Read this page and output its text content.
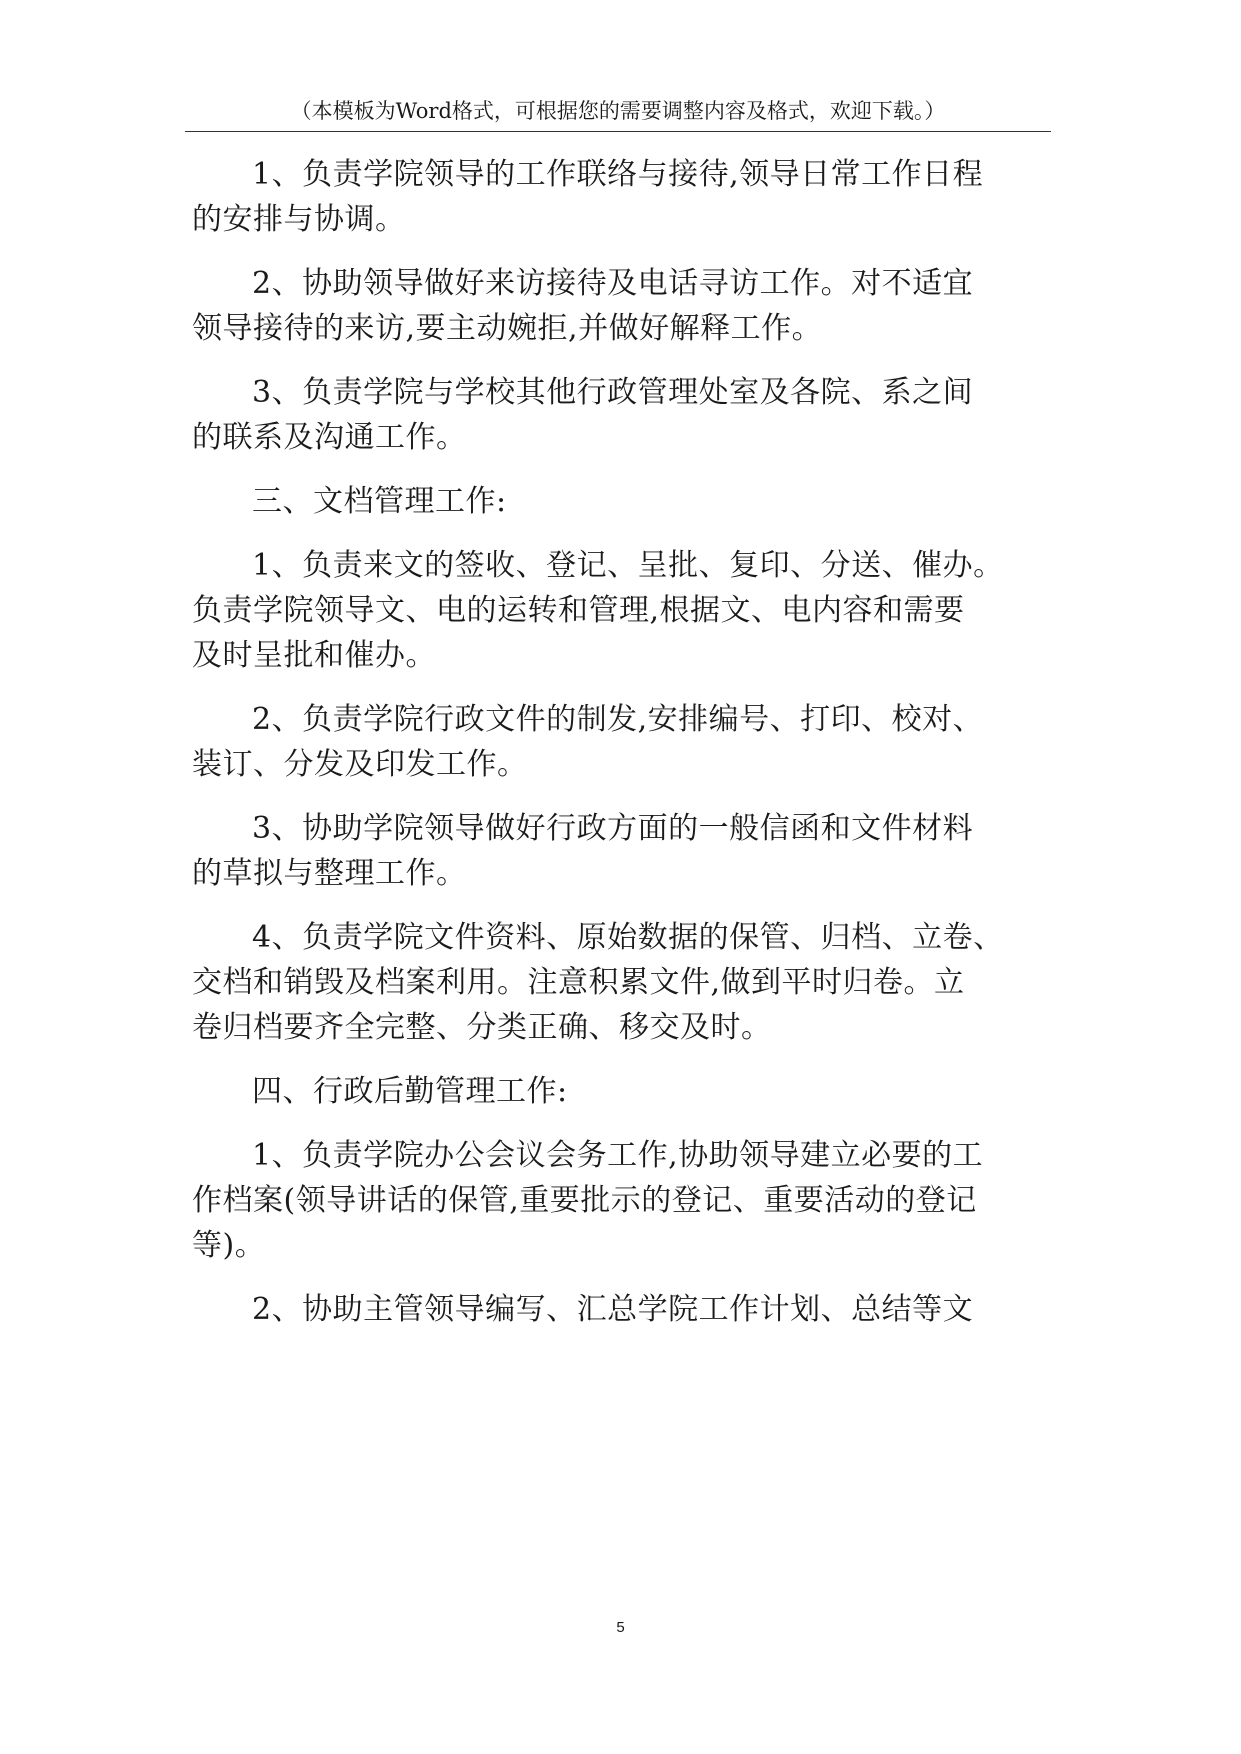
（本模板为Word格式，可根据您的需要调整内容及格式，欢迎下载。）
1、负责学院领导的工作联络与接待,领导日常工作日程
的安排与协调。
2、协助领导做好来访接待及电话寻访工作。对不适宜
领导接待的来访,要主动婉拒,并做好解释工作。
3、负责学院与学校其他行政管理处室及各院、系之间
的联系及沟通工作。
三、文档管理工作:
1、负责来文的签收、登记、呈批、复印、分送、催办。
负责学院领导文、电的运转和管理,根据文、电内容和需要
及时呈批和催办。
2、负责学院行政文件的制发,安排编号、打印、校对、
装订、分发及印发工作。
3、协助学院领导做好行政方面的一般信函和文件材料
的草拟与整理工作。
4、负责学院文件资料、原始数据的保管、归档、立卷、
交档和销毁及档案利用。注意积累文件,做到平时归卷。立
卷归档要齐全完整、分类正确、移交及时。
四、行政后勤管理工作:
1、负责学院办公会议会务工作,协助领导建立必要的工
作档案(领导讲话的保管,重要批示的登记、重要活动的登记
等)。
2、协助主管领导编写、汇总学院工作计划、总结等文
5
